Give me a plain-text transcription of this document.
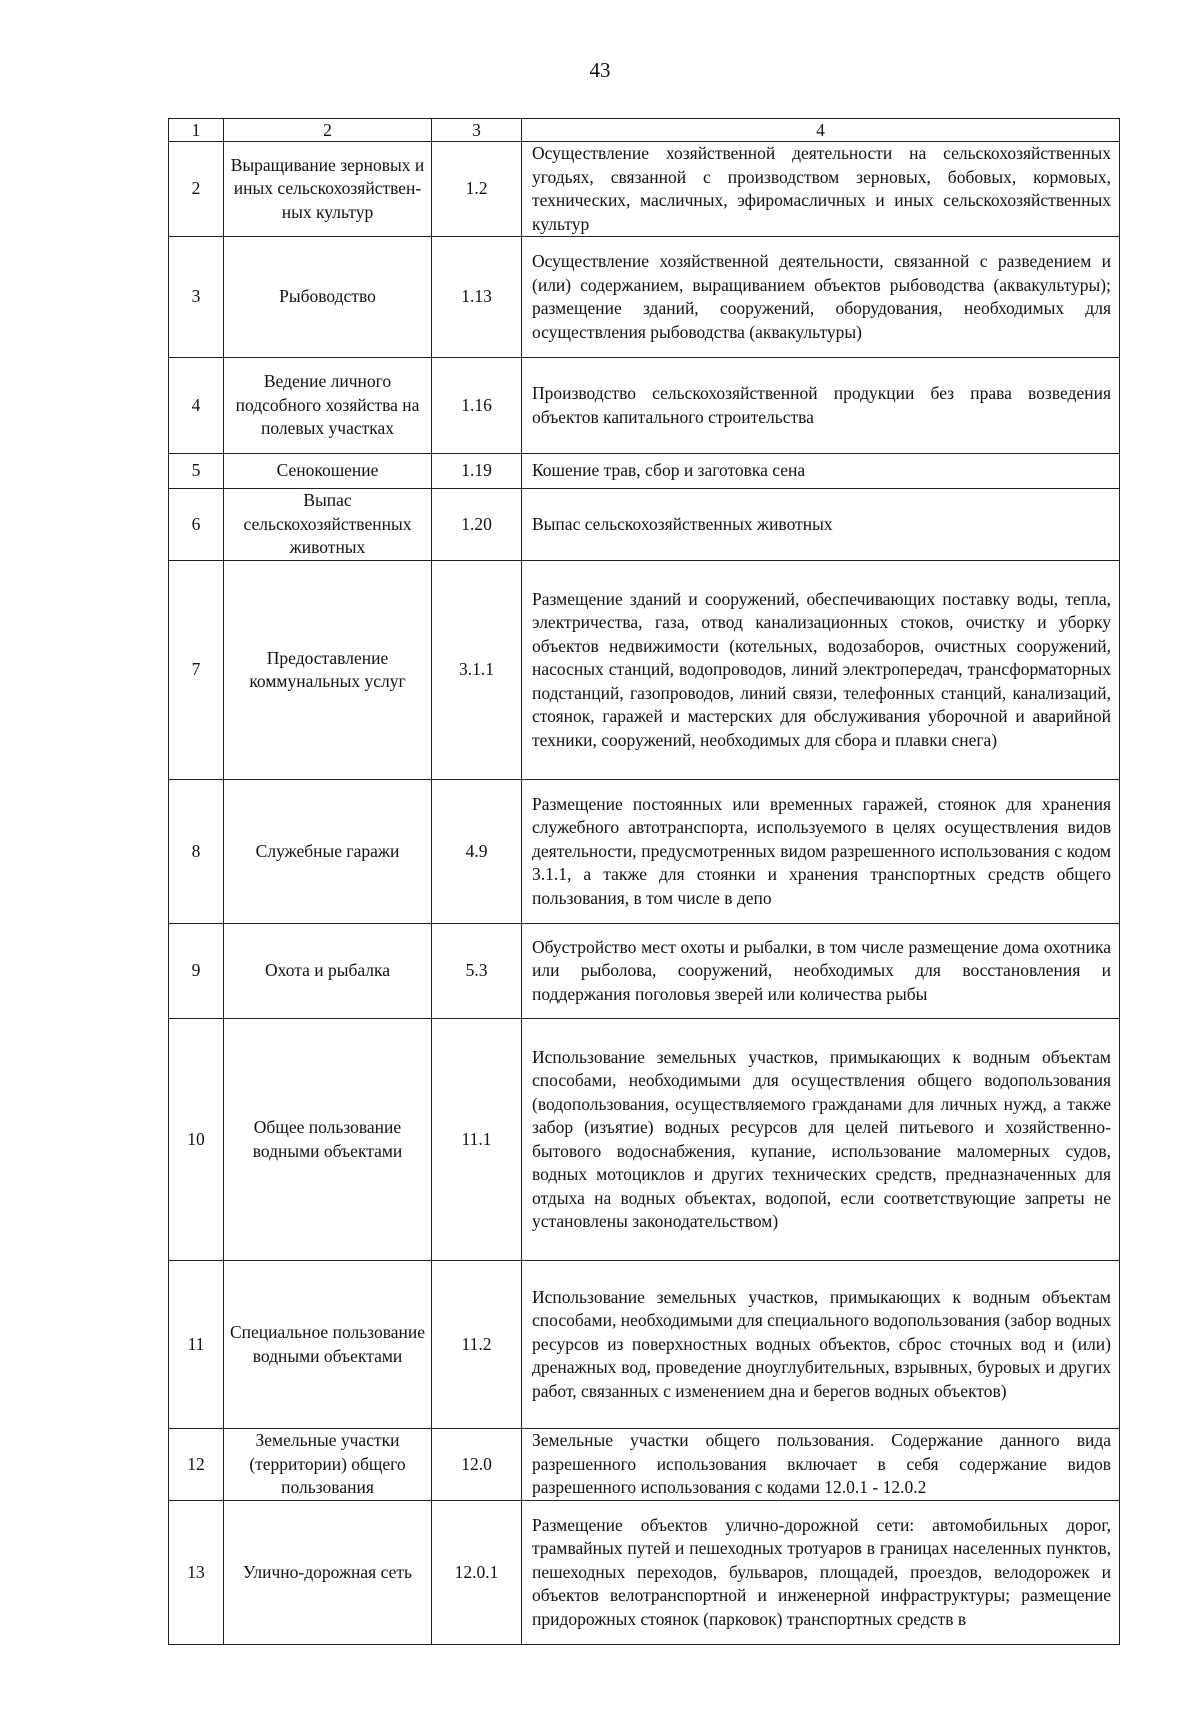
43
1	2	3	4
2	Выращивание зерновых и иных сельскохозяйствен-ных культур	1.2	Осуществление хозяйственной деятельности на сельскохозяйственных угодьях, связанной с производством зерновых, бобовых, кормовых, технических, масличных, эфиромасличных и иных сельскохозяйственных культур
3	Рыбоводство	1.13	Осуществление хозяйственной деятельности, связанной с разведением и (или) содержанием, выращиванием объектов рыбоводства (аквакультуры); размещение зданий, сооружений, оборудования, необходимых для осуществления рыбоводства (аквакультуры)
4	Ведение личного подсобного хозяйства на полевых участках	1.16	Производство сельскохозяйственной продукции без права возведения объектов капитального строительства
5	Сенокошение	1.19	Кошение трав, сбор и заготовка сена
6	Выпас сельскохозяйственных животных	1.20	Выпас сельскохозяйственных животных
7	Предоставление коммунальных услуг	3.1.1	Размещение зданий и сооружений, обеспечивающих поставку воды, тепла, электричества, газа, отвод канализационных стоков, очистку и уборку объектов недвижимости (котельных, водозаборов, очистных сооружений, насосных станций, водопроводов, линий электропередач, трансформаторных подстанций, газопроводов, линий связи, телефонных станций, канализаций, стоянок, гаражей и мастерских для обслуживания уборочной и аварийной техники, сооружений, необходимых для сбора и плавки снега)
8	Служебные гаражи	4.9	Размещение постоянных или временных гаражей, стоянок для хранения служебного автотранспорта, используемого в целях осуществления видов деятельности, предусмотренных видом разрешенного использования с кодом 3.1.1, а также для стоянки и хранения транспортных средств общего пользования, в том числе в депо
9	Охота и рыбалка	5.3	Обустройство мест охоты и рыбалки, в том числе размещение дома охотника или рыболова, сооружений, необходимых для восстановления и поддержания поголовья зверей или количества рыбы
10	Общее пользование водными объектами	11.1	Использование земельных участков, примыкающих к водным объектам способами, необходимыми для осуществления общего водопользования (водопользования, осуществляемого гражданами для личных нужд, а также забор (изъятие) водных ресурсов для целей питьевого и хозяйственно-бытового водоснабжения, купание, использование маломерных судов, водных мотоциклов и других технических средств, предназначенных для отдыха на водных объектах, водопой, если соответствующие запреты не установлены законодательством)
11	Специальное пользование водными объектами	11.2	Использование земельных участков, примыкающих к водным объектам способами, необходимыми для специального водопользования (забор водных ресурсов из поверхностных водных объектов, сброс сточных вод и (или) дренажных вод, проведение дноуглубительных, взрывных, буровых и других работ, связанных с изменением дна и берегов водных объектов)
12	Земельные участки (территории) общего пользования	12.0	Земельные участки общего пользования. Содержание данного вида разрешенного использования включает в себя содержание видов разрешенного использования с кодами 12.0.1 - 12.0.2
13	Улично-дорожная сеть	12.0.1	Размещение объектов улично-дорожной сети: автомобильных дорог, трамвайных путей и пешеходных тротуаров в границах населенных пунктов, пешеходных переходов, бульваров, площадей, проездов, велодорожек и объектов велотранспортной и инженерной инфраструктуры; размещение придорожных стоянок (парковок) транспортных средств в
